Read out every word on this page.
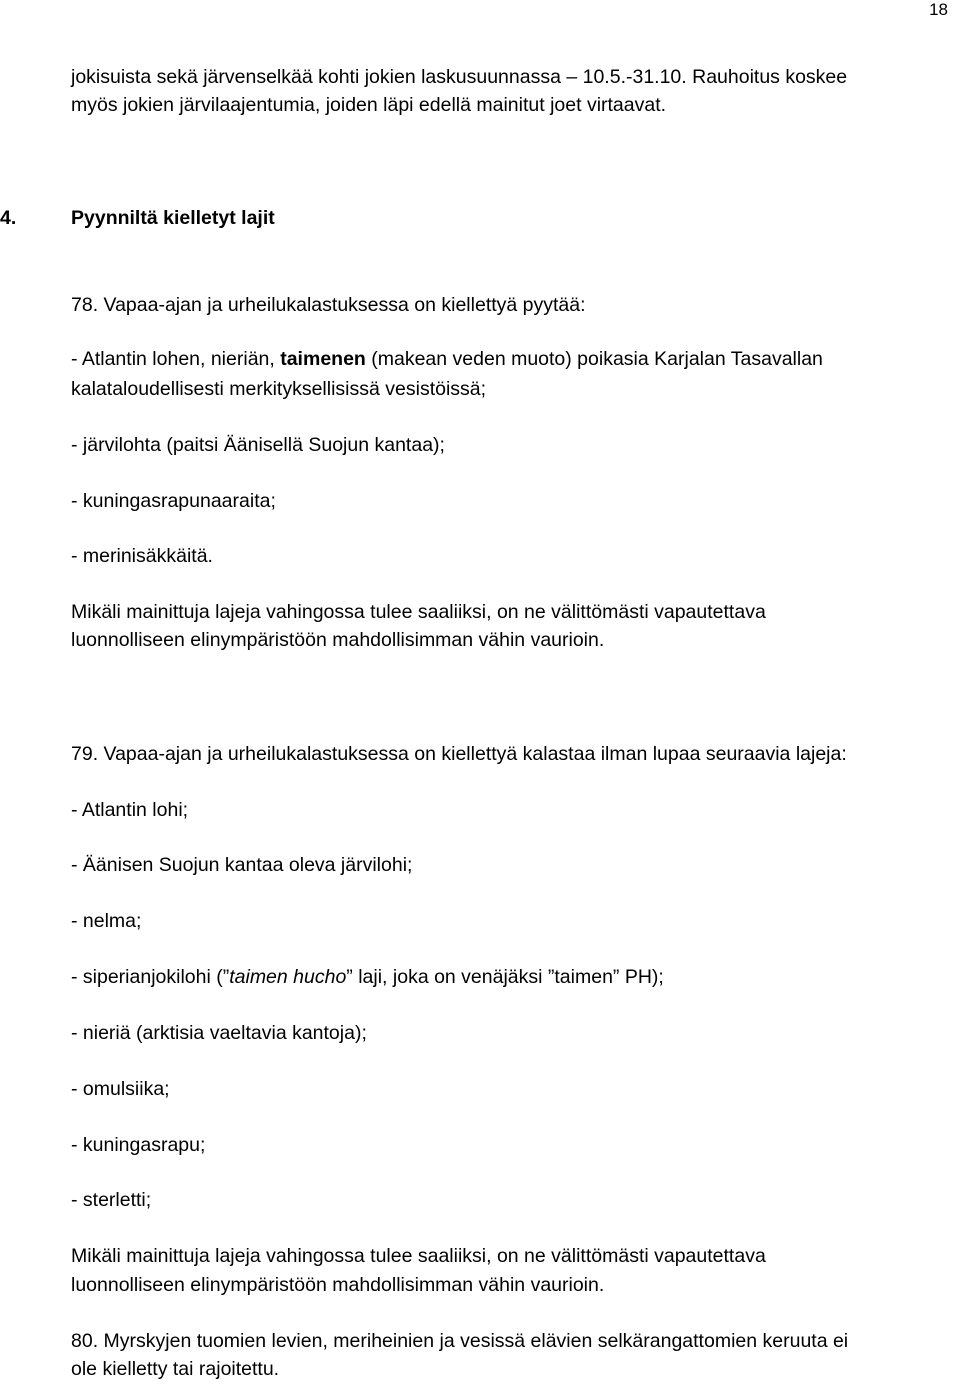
18

jokisuista sekä järvenselkää kohti jokien laskusuunnassa – 10.5.-31.10. Rauhoitus koskee

myös jokien järvilaajentumia, joiden läpi edellä mainitut joet virtaavat.

4.	Pyynniltä kielletyt lajit

78. Vapaa-ajan ja urheilukalastuksessa on kiellettyä pyytää:

- Atlantin lohen, nieriän, taimenen (makean veden muoto) poikasia Karjalan Tasavallan

kalataloudellisesti merkityksellisissä vesistöissä;

- järvilohta (paitsi Äänisellä Suojun kantaa);

- kuningasrapunaaraita;

- merinisäkkäitä.

Mikäli mainittuja lajeja vahingossa tulee saaliiksi, on ne välittömästi vapautettava

luonnolliseen elinympäristöön mahdollisimman vähin vaurioin.

79. Vapaa-ajan ja urheilukalastuksessa on kiellettyä kalastaa ilman lupaa seuraavia lajeja:

- Atlantin lohi;

- Äänisen Suojun kantaa oleva järvilohi;

- nelma;

- siperianjokilohi (”taimen hucho” laji, joka on venäjäksi ”taimen” PH);

- nieriä (arktisia vaeltavia kantoja);

- omulsiika;

- kuningasrapu;

- sterletti;

Mikäli mainittuja lajeja vahingossa tulee saaliiksi, on ne välittömästi vapautettava

luonnolliseen elinympäristöön mahdollisimman vähin vaurioin.

80. Myrskyjen tuomien levien, meriheinien ja vesissä elävien selkärangattomien keruuta ei

ole kielletty tai rajoitettu.
